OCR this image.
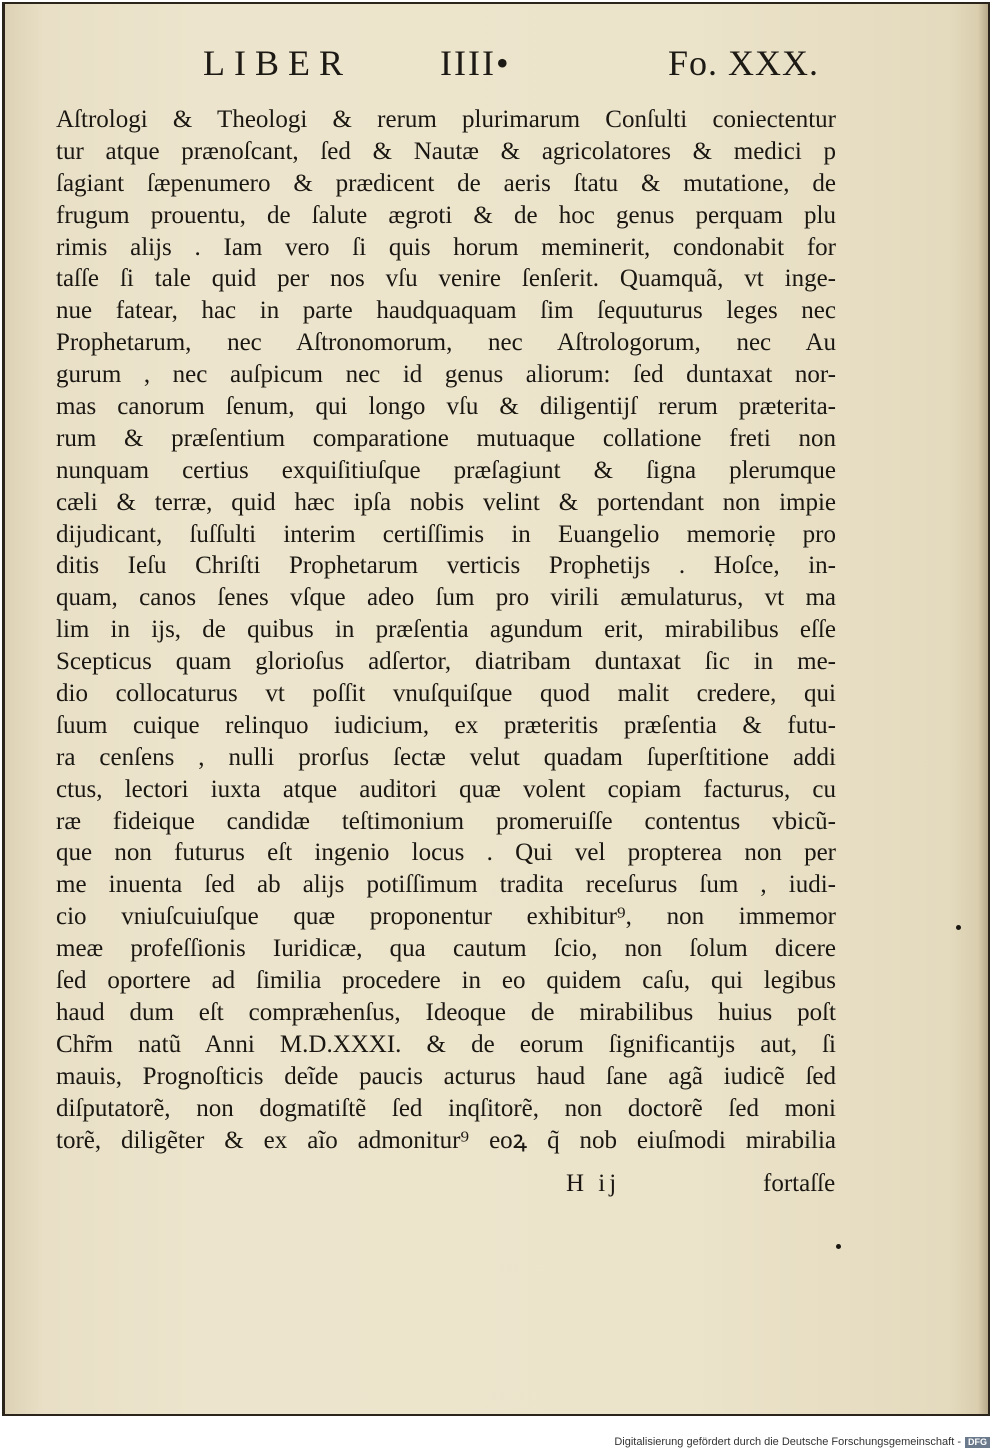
LIBER IIII•	Fo. XXX.
Aſtrologi & Theologi & rerum plurimarum Conſulti coniectentur
tur atque prænoſcant, ſed & Nautæ & agricolatores & medici p
ſagiant ſæpenumero & prædicent de aeris ſtatu & mutatione, de
frugum prouentu, de ſalute ægroti & de hoc genus perquam plu
rimis alijs . Iam vero ſi quis horum meminerit, condonabit for
taſſe ſi tale quid per nos vſu venire ſenſerit. Quamquã, vt inge-
nue fatear, hac in parte haudquaquam ſim ſequuturus leges nec
Prophetarum, nec Aſtronomorum, nec Aſtrologorum, nec Au
gurum , nec auſpicum nec id genus aliorum: ſed duntaxat nor-
mas canorum ſenum, qui longo vſu & diligentijſ rerum præterita-
rum & præſentium comparatione mutuaque collatione freti non
nunquam certius exquiſitiuſque præſagiunt & ſigna plerumque
cæli & terræ, quid hæc ipſa nobis velint & portendant non impie
dijudicant, ſuſſulti interim certiſſimis in Euangelio memoriẹ pro
ditis Ieſu Chriſti Prophetarum verticis Prophetijs . Hoſce, in-
quam, canos ſenes vſque adeo ſum pro virili æmulaturus, vt ma
lim in ijs, de quibus in præſentia agundum erit, mirabilibus eſſe
Scepticus quam glorioſus adſertor, diatribam duntaxat ſic in me-
dio collocaturus vt poſſit vnuſquiſque quod malit credere, qui
ſuum cuique relinquo iudicium, ex præteritis præſentia & futu-
ra cenſens , nulli prorſus ſectæ velut quadam ſuperſtitione addi
ctus, lectori iuxta atque auditori quæ volent copiam facturus, cu
ræ fideique candidæ teſtimonium promeruiſſe contentus vbicũ-
que non futurus eſt ingenio locus . Qui vel propterea non per
me inuenta ſed ab alijs potiſſimum tradita receſurus ſum , iudi-
cio vniuſcuiuſque quæ proponentur exhibitur⁹, non immemor
meæ profeſſionis Iuridicæ, qua cautum ſcio, non ſolum dicere
ſed oportere ad ſimilia procedere in eo quidem caſu, qui legibus
haud dum eſt compræhenſus, Ideoque de mirabilibus huius poſt
Chr̃m natũ Anni M.D.XXXI. & de eorum ſignificantijs aut, ſi
mauis, Prognoſticis deĩde paucis acturus haud ſane agã iudicẽ ſed
diſputatorẽ, non dogmatiſtẽ ſed inqſitorẽ, non doctorẽ ſed moni
torẽ, diligẽter & ex aĩo admonitur⁹ eoꝝ q̃ nob eiuſmodi mirabilia
H ij	fortaſſe
Digitalisierung gefördert durch die Deutsche Forschungsgemeinschaft - DFG
